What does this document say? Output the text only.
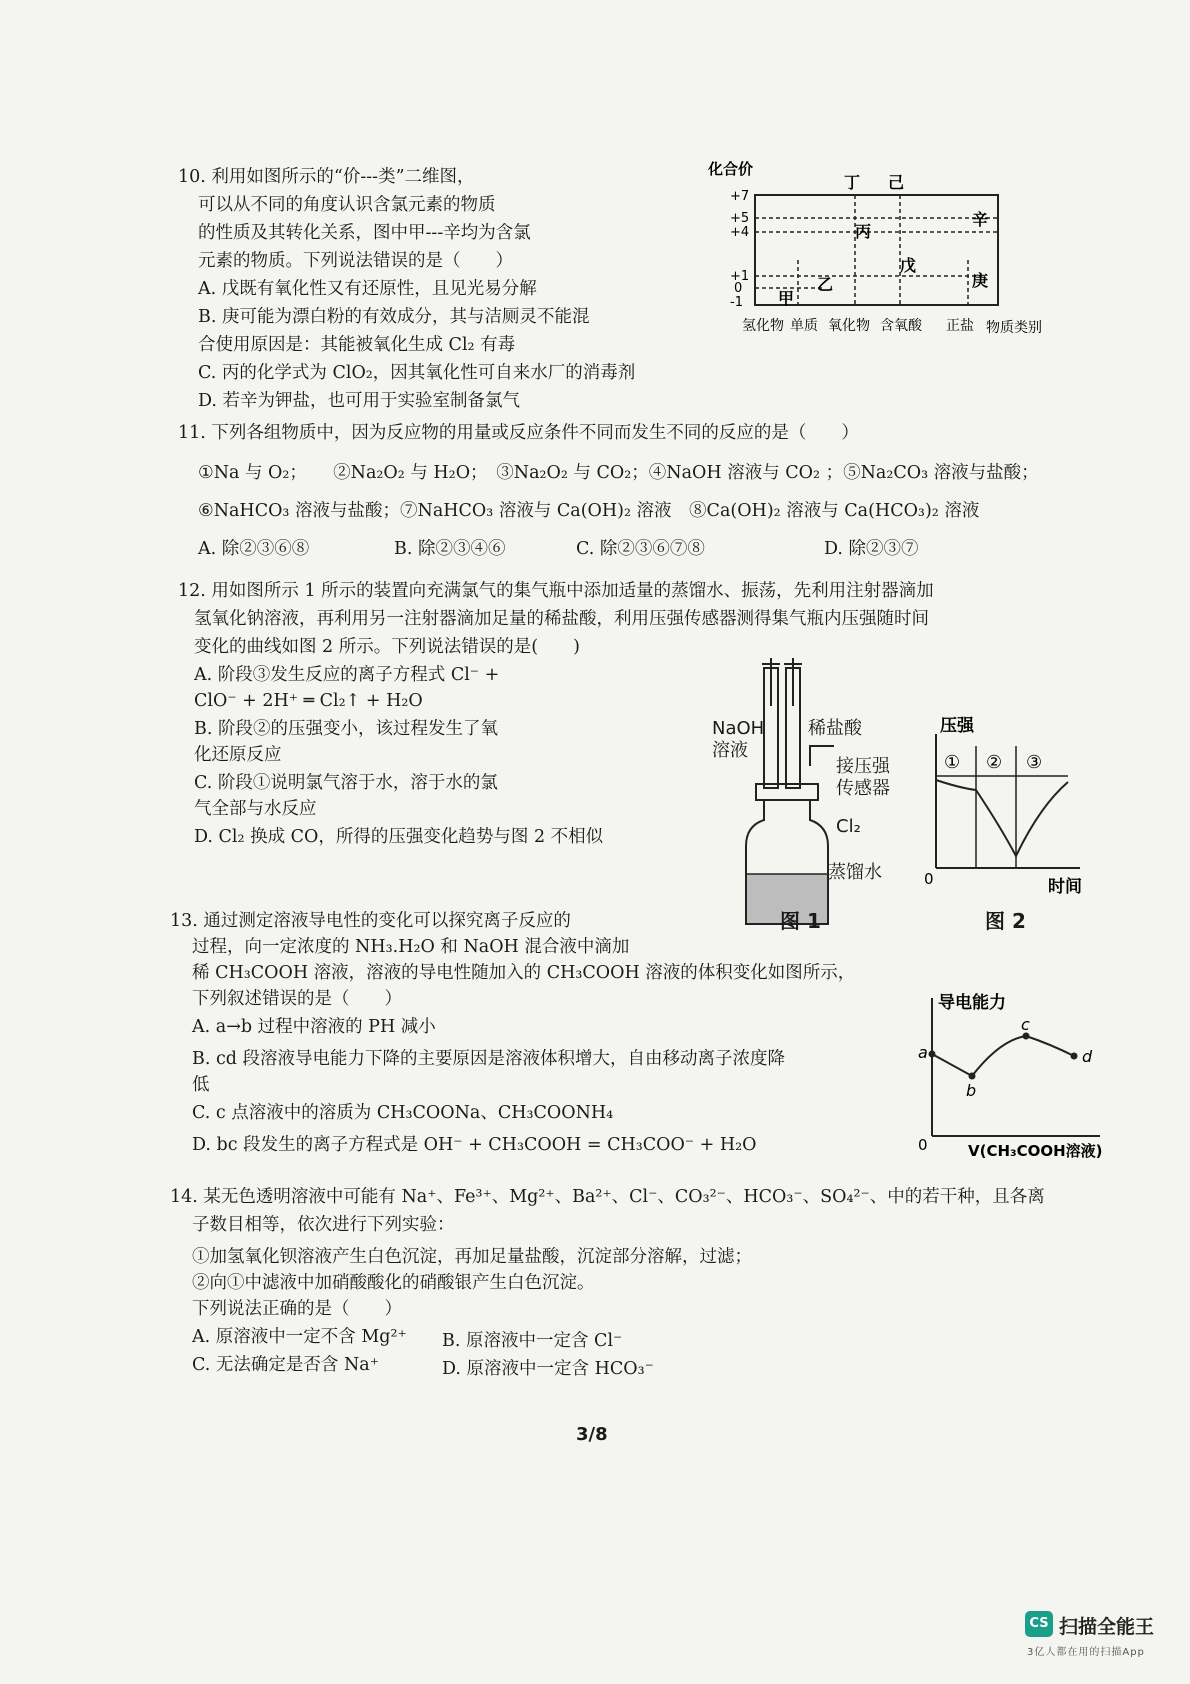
10. 利用如图所示的“价---类”二维图，
可以从不同的角度认识含氯元素的物质
的性质及其转化关系，图中甲---辛均为含氯
元素的物质。下列说法错误的是（　　）
A. 戊既有氧化性又有还原性，且见光易分解
B. 庚可能为漂白粉的有效成分，其与洁厕灵不能混
合使用原因是：其能被氧化生成 Cl₂ 有毒
C. 丙的化学式为 ClO₂，因其氧化性可自来水厂的消毒剂
D. 若辛为钾盐，也可用于实验室制备氯气
化合价
+7
+5
+4
+1
0
-1
丁 己
丙
辛
戊
庚
乙
甲
氢化物 单质 氧化物 含氧酸 正盐 物质类别
11. 下列各组物质中，因为反应物的用量或反应条件不同而发生不同的反应的是（　　）
①Na 与 O₂；　　②Na₂O₂ 与 H₂O；　③Na₂O₂ 与 CO₂；④NaOH 溶液与 CO₂ ；⑤Na₂CO₃ 溶液与盐酸；
⑥NaHCO₃ 溶液与盐酸；⑦NaHCO₃ 溶液与 Ca(OH)₂ 溶液　⑧Ca(OH)₂ 溶液与 Ca(HCO₃)₂ 溶液
A. 除②③⑥⑧	B. 除②③④⑥	C. 除②③⑥⑦⑧	D. 除②③⑦
12. 用如图所示 1 所示的装置向充满氯气的集气瓶中添加适量的蒸馏水、振荡，先利用注射器滴加
氢氧化钠溶液，再利用另一注射器滴加足量的稀盐酸，利用压强传感器测得集气瓶内压强随时间
变化的曲线如图 2 所示。下列说法错误的是(　　)
A. 阶段③发生反应的离子方程式 Cl⁻ +
ClO⁻ + 2H⁺ ═ Cl₂↑ + H₂O
B. 阶段②的压强变小，该过程发生了氧
化还原反应
C. 阶段①说明氯气溶于水，溶于水的氯
气全部与水反应
D. Cl₂ 换成 CO，所得的压强变化趋势与图 2 不相似
NaOH
溶液
稀盐酸
接压强
传感器
Cl₂
蒸馏水
图 1
压强
① ② ③
0	时间
图 2
13. 通过测定溶液导电性的变化可以探究离子反应的
过程，向一定浓度的 NH₃.H₂O 和 NaOH 混合液中滴加
稀 CH₃COOH 溶液，溶液的导电性随加入的 CH₃COOH 溶液的体积变化如图所示，
下列叙述错误的是（　　）
A. a→b 过程中溶液的 PH 减小
B. cd 段溶液导电能力下降的主要原因是溶液体积增大，自由移动离子浓度降
低
C. c 点溶液中的溶质为 CH₃COONa、CH₃COONH₄
D. bc 段发生的离子方程式是 OH⁻ + CH₃COOH = CH₃COO⁻ + H₂O
导电能力
a
b
c
d
0	V(CH₃COOH溶液)
14. 某无色透明溶液中可能有 Na⁺、Fe³⁺、Mg²⁺、Ba²⁺、Cl⁻、CO₃²⁻、HCO₃⁻、SO₄²⁻、中的若干种，且各离
子数目相等，依次进行下列实验：
①加氢氧化钡溶液产生白色沉淀，再加足量盐酸，沉淀部分溶解，过滤；
②向①中滤液中加硝酸酸化的硝酸银产生白色沉淀。
下列说法正确的是（　　）
A. 原溶液中一定不含 Mg²⁺ B. 原溶液中一定含 Cl⁻
C. 无法确定是否含 Na⁺	D. 原溶液中一定含 HCO₃⁻
3/8
CS 扫描全能王
3亿人都在用的扫描App
